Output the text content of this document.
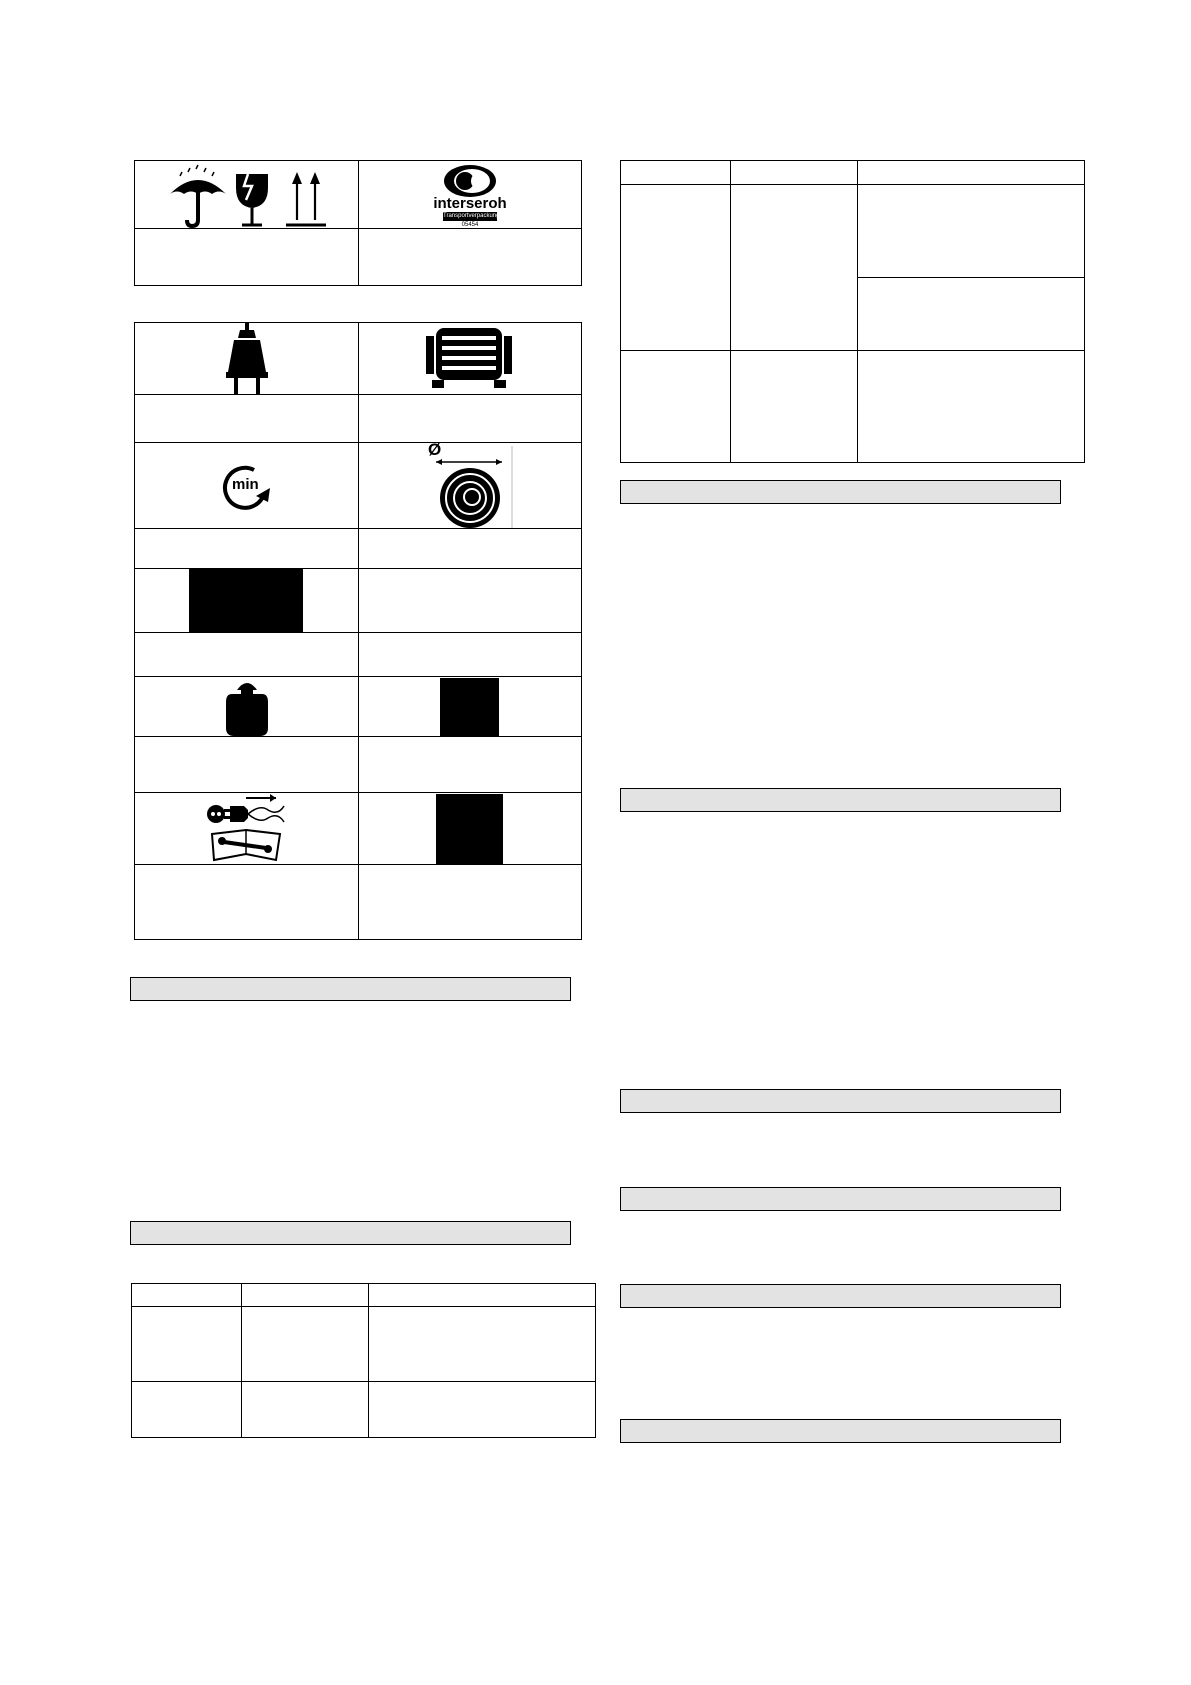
interseroh
Transportverpackung
05454
min
Ø
